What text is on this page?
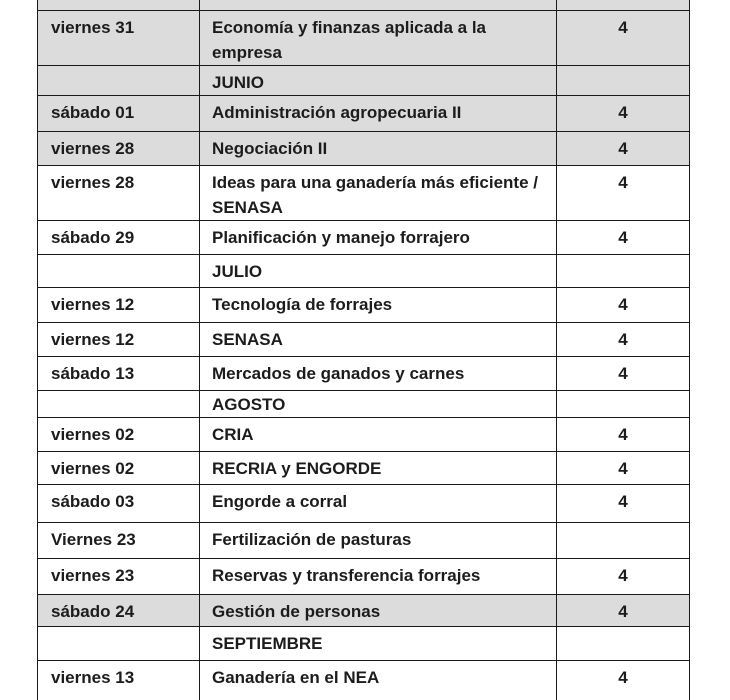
viernes 31	Economía y finanzas aplicada a la empresa	4

	JUNIO	

sábado 01	Administración agropecuaria II	4

viernes 28	Negociación II	4

viernes 28	Ideas para una ganadería más eficiente / SENASA	4

sábado 29	Planificación y manejo forrajero	4

	JULIO	

viernes 12	Tecnología de forrajes	4

viernes 12	SENASA	4

sábado 13	Mercados de ganados y carnes	4

	AGOSTO	

viernes 02	CRIA	4

viernes 02	RECRIA y ENGORDE	4

sábado 03	Engorde a corral	4

Viernes 23	Fertilización de pasturas	

viernes 23	Reservas y transferencia forrajes	4

sábado 24	Gestión de personas	4

	SEPTIEMBRE	

viernes 13	Ganadería en el NEA	4
